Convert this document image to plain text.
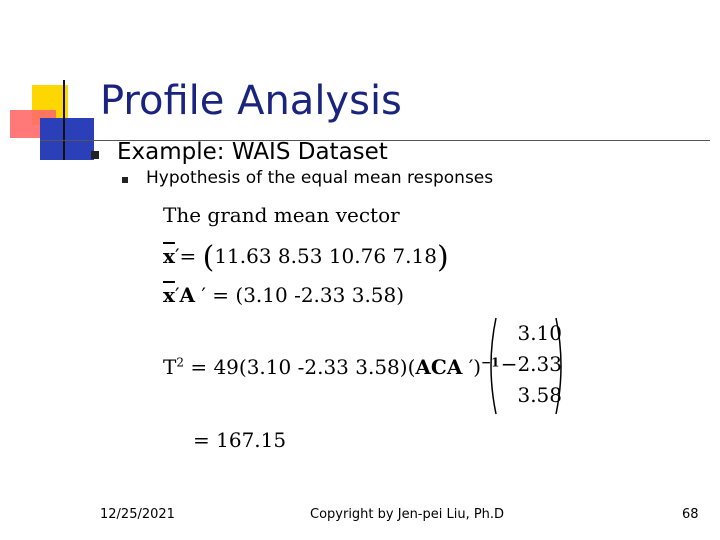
Profile Analysis
Example: WAIS Dataset
Hypothesis of the equal mean responses
The grand mean vector
$\overline{x}'= (11.63$ 8.53 10.76 7.18)
$\overline{x}'A$ ′ = (3.10 -2.33 3.58)
$T^2 = 49(3.10$ -2.33 3.58)(ACA ′)$^{-1}$
3.10
−2.33
3.58
= 167.15
12/25/2021	Copyright by Jen-pei Liu, Ph.D	68
